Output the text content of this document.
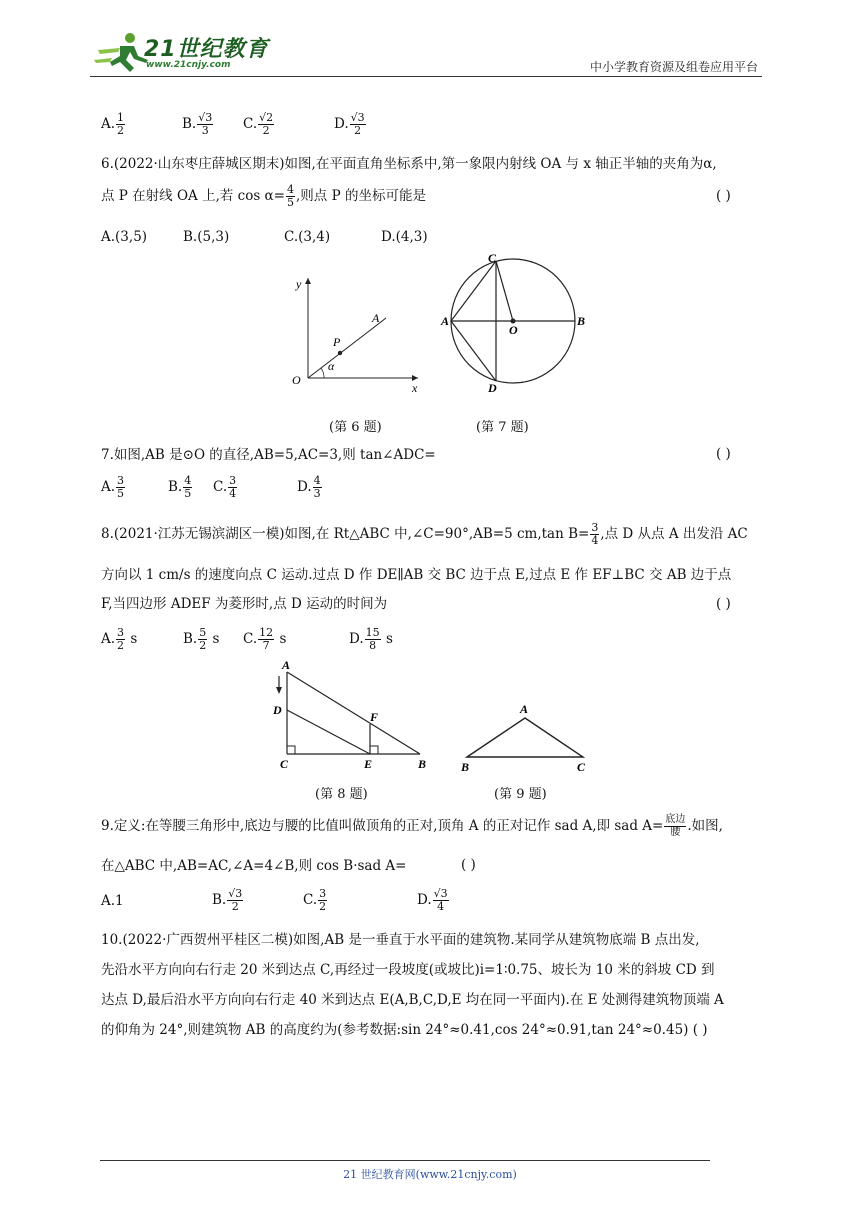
21世纪教育
www.21cnjy.com	中小学教育资源及组卷应用平台
A. $\frac{1}{2}$	B. $\frac{√3}{3} C$. $\frac{√2}{2}$	D. $\frac{√3}{2}$
6.(2022·山东枣庄薛城区期末)如图,在平面直角坐标系中,第一象限内射线 OA 与 x 轴正半轴的夹角为α,
点 P 在射线 OA 上,若 $\cos \alpha= \frac{4}{5}$ ,则点 P 的坐标可能是	( )
A.(3,5)	B.(5,3)	C.(3,4)	D.(4,3)
y
x
O
A
P
α
C
A
O
B
D
(第 6 题)	(第 7 题)
7.如图,AB 是⊙O 的直径,AB=5,AC=3,则 tan∠ADC=	( )
A. $\frac{3}{5}$	B. $\frac{4}{5} C$. $\frac{3}{4}$	D. $\frac{4}{3}$
8.(2021·江苏无锡滨湖区一模)如图,在 Rt△ABC 中,∠C=90°,AB=5 cm,tan $B= \frac{3}{4}$ ,点 D 从点 A 出发沿 AC
方向以 1 cm/s 的速度向点 C 运动.过点 D 作 DE∥AB 交 BC 边于点 E,过点 E 作 EF⊥BC 交 AB 边于点
F,当四边形 ADEF 为菱形时,点 D 运动的时间为	( )
A. $\frac{3}{2}$ s	B. $\frac{5}{2}$ s C. $\frac{12}{7}$ s	D. $\frac{15}{8}$ s
A
D
C	E	B
F
A
B	C
(第 8 题)	(第 9 题)
9.定义:在等腰三角形中,底边与腰的比值叫做顶角的正对,顶角 A 的正对记作 sad A,即 sad $A= \frac{\text{底边}}{\text{腰}}$ .如图,
在△ABC 中,AB=AC,∠A=4∠B,则 cos B·sad A=	( )
A.1	B. $\frac{√3}{2}$	C. $\frac{3}{2}$	D. $\frac{√3}{4}$
10.(2022·广西贺州平桂区二模)如图,AB 是一垂直于水平面的建筑物.某同学从建筑物底端 B 点出发,
先沿水平方向向右行走 20 米到达点 C,再经过一段坡度(或坡比)i=1∶0.75、坡长为 10 米的斜坡 CD 到
达点 D,最后沿水平方向向右行走 40 米到达点 E(A,B,C,D,E 均在同一平面内).在 E 处测得建筑物顶端 A
的仰角为 24°,则建筑物 AB 的高度约为(参考数据:sin 24°≈0.41,cos 24°≈0.91,tan 24°≈0.45) ( )
21 世纪教育网(www.21cnjy.com)
